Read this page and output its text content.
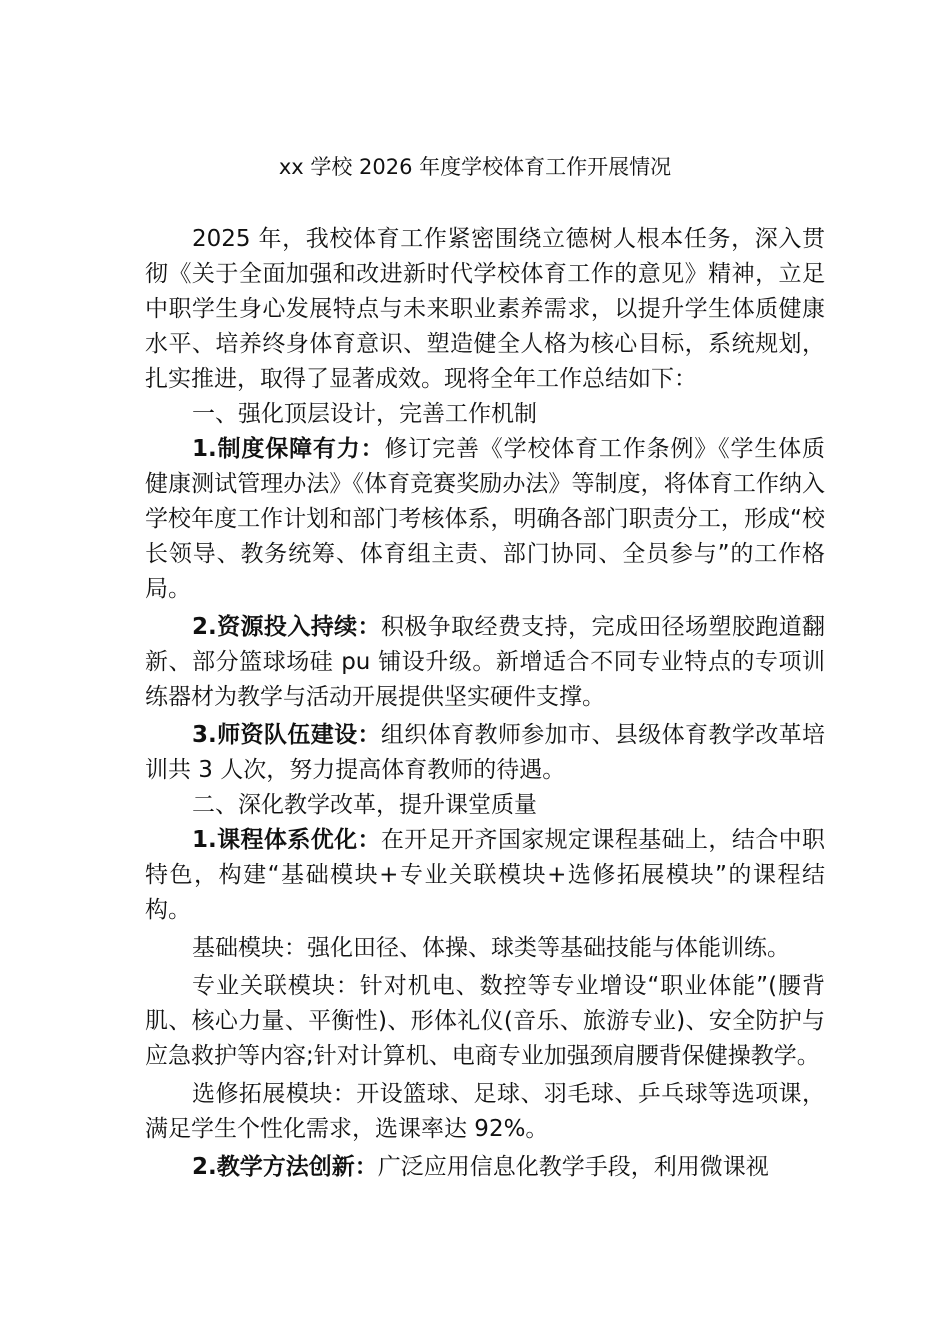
xx 学校 2026 年度学校体育工作开展情况

2025 年，我校体育工作紧密围绕立德树人根本任务，深入贯彻《关于全面加强和改进新时代学校体育工作的意见》精神，立足中职学生身心发展特点与未来职业素养需求，以提升学生体质健康水平、培养终身体育意识、塑造健全人格为核心目标，系统规划，扎实推进，取得了显著成效。现将全年工作总结如下：

一、强化顶层设计，完善工作机制

1.制度保障有力：修订完善《学校体育工作条例》《学生体质健康测试管理办法》《体育竞赛奖励办法》等制度，将体育工作纳入学校年度工作计划和部门考核体系，明确各部门职责分工，形成“校长领导、教务统筹、体育组主责、部门协同、全员参与”的工作格局。

2.资源投入持续：积极争取经费支持，完成田径场塑胶跑道翻新、部分篮球场硅 pu 铺设升级。新增适合不同专业特点的专项训练器材为教学与活动开展提供坚实硬件支撑。

3.师资队伍建设：组织体育教师参加市、县级体育教学改革培训共 3 人次，努力提高体育教师的待遇。

二、深化教学改革，提升课堂质量

1.课程体系优化：在开足开齐国家规定课程基础上，结合中职特色，构建“基础模块+专业关联模块+选修拓展模块”的课程结构。

基础模块：强化田径、体操、球类等基础技能与体能训练。

专业关联模块：针对机电、数控等专业增设“职业体能”(腰背肌、核心力量、平衡性)、形体礼仪(音乐、旅游专业)、安全防护与应急救护等内容;针对计算机、电商专业加强颈肩腰背保健操教学。

选修拓展模块：开设篮球、足球、羽毛球、乒乓球等选项课，满足学生个性化需求，选课率达 92%。

2.教学方法创新：广泛应用信息化教学手段，利用微课视
